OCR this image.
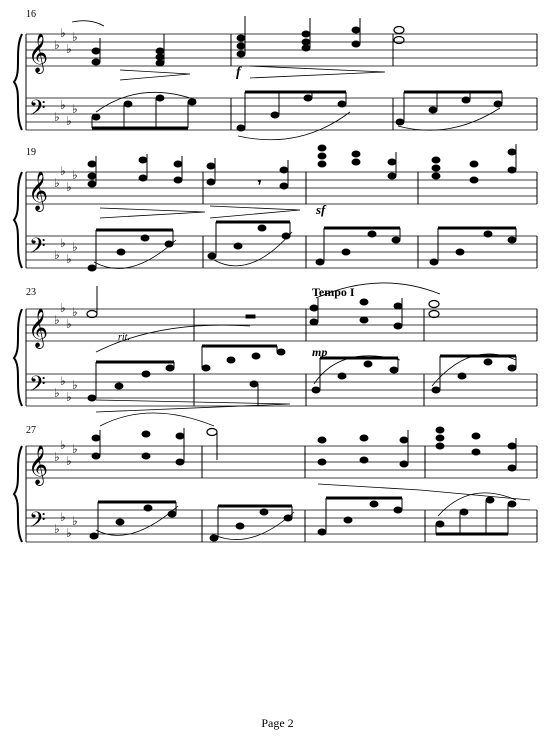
16
𝄞
𝄢
♭
♭
♭
♭
♭
♭
♭
♭
f
19
𝄞
𝄢
♭
♭
♭
♭
♭
♭
♭
♭
𝄾
sf
23
𝄞
𝄢
♭
♭
♭
♭
♭
♭
♭
♭
rit.
Tempo I
mp
27
𝄞
𝄢
♭
♭
♭
♭
♭
♭
♭
♭
Page 2
